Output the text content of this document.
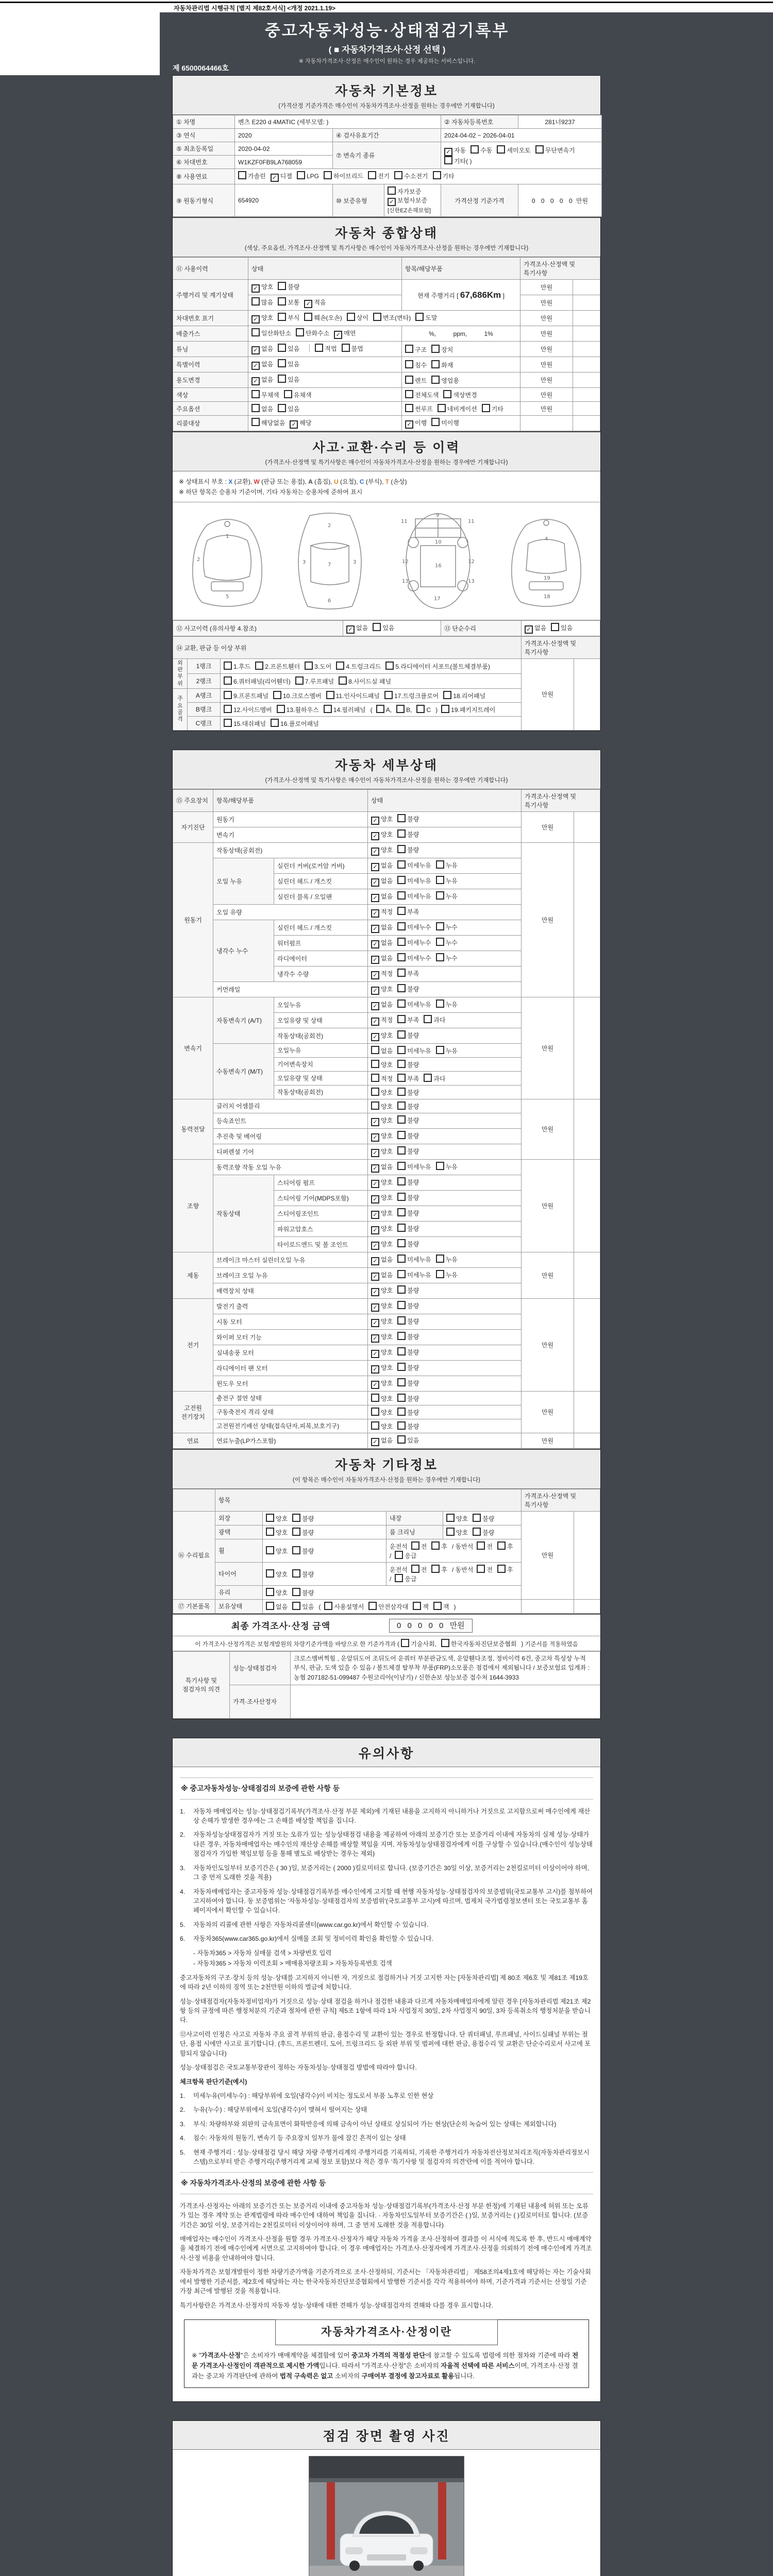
자동차관리법 시행규칙 [별지 제82호서식] <개정 2021.1.19>
중고자동차성능·상태점검기록부
( ■ 자동차가격조사·산정 선택 )
※ 자동차가격조사·산정은 매수인이 원하는 경우 제공하는 서비스입니다.
제 6500064466호
자동차 기본정보
(가격산정 기준가격은 매수인이 자동차가격조사·산정을 원하는 경우에만 기재합니다)
① 차명	벤츠 E220 d 4MATIC (세부모델: )			② 자동차등록번호	281너9237
③ 연식	2020	④ 검사유효기간		2024-04-02 ~ 2026-04-01	
⑤ 최초등록일	2020-04-02	⑦ 변속기 종류		✓ 자동 수동 세미오토 무단변속기기타( )	
⑥ 차대번호	W1KZF0FB9LA768059				
⑧ 사용연료	가솔린 ✓ 디젤 LPG 하이브리드 전기 수소전기 기타				
⑨ 원동기형식	654920	⑩ 보증유형	자가보증✓ 보험사보증[신한EZ손해보험]	가격산정 기준가격	0 0 0 0 0 만원
자동차 종합상태
(색상, 주요옵션, 가격조사·산정액 및 특기사항은 매수인이 자동차가격조사·산정을 원하는 경우에만 기재합니다)
⑪ 사용이력	상태	항목/해당부품	가격조사·산정액 및 특기사항	
주행거리 및 계기상태	✓ 양호 불량	현재 주행거리 [ 67,686Km ]	만원	
	많음 보통 ✓ 적음		만원	
차대번호 표기	✓ 양호 부식 훼손(오손) 상이 변조(변타) 도말		만원	
배출가스	일산화탄소 탄화수소 ✓ 매연	%,          ppm,          1%	만원	
튜닝	✓ 없음 있음 적법 불법	구조 장치	만원	
특별이력	✓ 없음 있음	침수 화재	만원	
용도변경	✓ 없음 있음	렌트 영업용	만원	
색상	무채색 유채색	전체도색 색상변경	만원	
주요옵션	없음 있음	썬루프 네비게이션 기타	만원	
리콜대상	해당없음 ✓ 해당	✓ 이행 미이행		
사고·교환·수리 등 이력
(가격조사·산정액 및 특기사항은 매수인이 자동차가격조사·산정을 원하는 경우에만 기재합니다)
※ 상태표시 부호 : X (교환), W (판금 또는 용접), A (흠집), U (요철), C (부식), T (손상)
※ 하단 항목은 승용차 기준이며, 기타 자동차는 승용차에 준하여 표시
1
5
2
7
3	3
2
6
11	11
9
10
12	12
13	13
16
17
4
18
19
⑫ 사고이력 (유의사항 4.참조)	✓ 없음 있음	⑬ 단순수리	✓ 없음 있음
⑭ 교환, 판금 등 이상 부위			가격조사·산정액 및 특기사항	
외
판
부
위	1랭크	1.후드 2.프론트휀더 3.도어 4.트렁크리드 5.라디에이터 서포트(볼트체결부품)	만원	
	2랭크	6.쿼터패널(리어휀더) 7.루프패널 8.사이드실 패널		
주
요
골
격	A랭크	9.프론트패널 10.크로스멤버 11.인사이드패널 17.트렁크플로어 18.리어패널		
	B랭크	12.사이드멤버 13.휠하우스 14.필러패널 ( A, B, C ) 19.패키지트레이		
	C랭크	15.대쉬패널 16.플로어패널		
자동차 세부상태
(가격조사·산정액 및 특기사항은 매수인이 자동차가격조사·산정을 원하는 경우에만 기재합니다)
⑮ 주요장치	항목/해당부품		상태	가격조사·산정액 및 특기사항	
자기진단	원동기		✓ 양호 불량	만원	
	변속기		✓ 양호 불량		
원동기	작동상태(공회전)		✓ 양호 불량	만원	
	오일 누유	실린더 커버(로커암 커버)	✓ 없음 미세누유 누유		
		실린더 헤드 / 개스킷	✓ 없음 미세누유 누유		
		실린더 블록 / 오일팬	✓ 없음 미세누유 누유		
	오일 유량		✓ 적정 부족		
	냉각수 누수	실린더 헤드 / 개스킷	✓ 없음 미세누수 누수		
		워터펌프	✓ 없음 미세누수 누수		
		라디에이터	✓ 없음 미세누수 누수		
		냉각수 수량	✓ 적정 부족		
	커먼레일		✓ 양호 불량		
변속기	자동변속기 (A/T)	오일누유	✓ 없음 미세누유 누유	만원	
		오일유량 및 상태	✓ 적정 부족 과다		
		작동상태(공회전)	✓ 양호 불량		
	수동변속기 (M/T)	오일누유	없음 미세누유 누유		
		기어변속장치	양호 불량		
		오일유량 및 상태	적정 부족 과다		
		작동상태(공회전)	양호 불량		
동력전달	클러치 어셈블리		양호 불량	만원	
	등속죠인트		✓ 양호 불량		
	추진축 및 베어링		✓ 양호 불량		
	디퍼렌셜 기어		✓ 양호 불량		
조향	동력조향 작동 오일 누유		✓ 없음 미세누유 누유	만원	
	작동상태	스티어링 펌프	✓ 양호 불량		
		스티어링 기어(MDPS포함)	✓ 양호 불량		
		스티어링조인트	✓ 양호 불량		
		파워고압호스	✓ 양호 불량		
		타이로드엔드 및 볼 조인트	✓ 양호 불량		
제동	브레이크 마스터 실린더오일 누유		✓ 없음 미세누유 누유	만원	
	브레이크 오일 누유		✓ 없음 미세누유 누유		
	배력장치 상태		✓ 양호 불량		
전기	발전기 출력		✓ 양호 불량	만원	
	시동 모터		✓ 양호 불량		
	와이퍼 모터 기능		✓ 양호 불량		
	실내송풍 모터		✓ 양호 불량		
	라디에이터 팬 모터		✓ 양호 불량		
	윈도우 모터		✓ 양호 불량		
고전원 전기장치	충전구 절연 상태		양호 불량	만원	
	구동축전지 격리 상태		양호 불량		
	고전원전기배선 상태(접속단자,피복,보호기구)		양호 불량		
연료	연료누출(LP가스포함)		✓ 없음 있음	만원	
자동차 기타정보
(이 항목은 매수인이 자동차가격조사·산정을 원하는 경우에만 기재합니다)
	항목				가격조사·산정액 및 특기사항	
⑯ 수리필요	외장	양호 불량	내장	양호 불량	만원	
	광택	양호 불량	룸 크리닝	양호 불량		
	휠	양호 불량	운전석 전 후 / 동반석 전 후/ 응급			
	타이어	양호 불량	운전석 전 후 / 동반석 전 후/ 응급			
	유리	양호 불량				
⑰ 기본품목	보유상태	없음 있음 ( 사용설명서 안전삼각대 잭 잭 )				
최종 가격조사·산정 금액	0 0 0 0 0 만원
이 가격조사·산정가격은 보험개발원의 차량기준가액을 바탕으로 한 기준가격과 ( 기술사회, 한국자동차진단보증협회 ) 기준서를 적용하였음
특기사항 및 점검자의 의견	성능·상태점검자	크로스멤버찍힘 , 운앞뒤도어 조뒤도어 운쿼터 부분판금도색, 운앞휀다조정, 정비이력 6건, 중고차 특성상 누적 부식, 판금, 도색 있을 수 있음 / 볼트체결 탈부착 부품(FRP)소모품은 점검에서 제외됩니다 / 보증보험료 입계좌 : 농협 207182-51-099487 수원코리아(이남기) / 신한손보 성능보증 접수처 1644-3933
	가격·조사산정자	
유의사항
※ 중고자동차성능·상태점검의 보증에 관한 사항 등
1.	자동차 매매업자는 성능·상태점검기록부(가격조사·산정 부분 제외)에 기재된 내용을 고지하지 아니하거나 거짓으로 고지함으로써 매수인에게 재산상 손해가 발생한 경우에는 그 손해를 배상할 책임을 집니다.
2.	자동차성능상태점검자가 거짓 또는 오류가 있는 성능상태점검 내용을 제공하여 아래의 보증기간 또는 보증거리 이내에 자동차의 실제 성능·상태가 다른 경우, 자동차매매업자는 매수인의 재산상 손해를 배상할 책임을 지며, 자동차성능상태점검자에게 이를 구상할 수 있습니다.(매수인이 성능상태점검자가 가입한 책임보험 등을 통해 별도로 배상받는 경우는 제외)
3.	자동차인도일부터 보증기간은 ( 30 )일, 보증거리는 ( 2000 )킬로미터로 합니다. (보증기간은 30일 이상, 보증거리는 2천킬로미터 이상이어야 하며, 그 중 먼저 도래한 것을 적용)
4.	자동차매매업자는 중고자동차 성능·상태점검기록부를 매수인에게 고지할 때 현행 자동차성능·상태점검자의 보증범위(국토교통부 고시)를 첨부하여 고지하여야 합니다. 동 보증범위는 '자동차성능·상태점검자의 보증범위'(국토교통부 고시)에 따르며, 법제처 국가법령정보센터 또는 국토교통부 홈페이지에서 확인할 수 있습니다.
5.	자동차의 리콜에 관한 사항은 자동차리콜센터(www.car.go.kr)에서 확인할 수 있습니다.
6.	자동차365(www.car365.go.kr)에서 실매물 조회 및 정비이력 확인을 확인할 수 있습니다.
- 자동차365 > 자동차 실매물 검색 > 차량번호 입력
- 자동차365 > 자동차 이력조회 > 매매용차량조회 > 자동차등록번호 검색
중고자동차의 구조·장치 등의 성능·상태를 고지하지 아니한 자, 거짓으로 점검하거나 거짓 고지한 자는 [자동차관리법] 제 80조 제6호 및 제81조 제19호에 따라 2년 이하의 징역 또는 2천만원 이하의 벌금에 처합니다.
성능·상태점검자(자동차정비업자)가 거짓으로 성능·상태 점검을 하거나 점검한 내용과 다르게 자동차매매업자에게 알린 경우 [자동차관리법 제21조 제2항 등의 규정에 따른 행정처분의 기준과 절차에 관한 규칙] 제5조 1항에 따라 1차 사업정지 30일, 2차 사업정지 90일, 3차 등록취소의 행정처분을 받습니다.
⑫사고이력 인정은 사고로 자동차 주요 골격 부위의 판금, 용접수리 및 교환이 있는 경우로 한정합니다. 단 쿼터패널, 루프패널, 사이드실패널 부위는 절단, 용접 시에만 사고로 표기합니다. (후드, 프론트펜더, 도어, 트렁크리드 등 외판 부위 및 범퍼에 대한 판금, 용접수리 및 교환은 단순수리로서 사고에 포함되지 않습니다)
성능·상태점검은 국토교통부장관이 정하는 자동차성능·상태점검 방법에 따라야 합니다.
체크항목 판단기준(예시)
1.	미세누유(미세누수) : 해당부위에 오일(냉각수)이 비치는 정도로서 부품 노후로 인한 현상
2.	누유(누수) : 해당부위에서 오일(냉각수)이 맺혀서 떨어지는 상태
3.	부식: 차량하부와 외판의 금속표면이 화학반응에 의해 금속이 아닌 상태로 상실되어 가는 현상(단순히 녹슬어 있는 상태는 제외합니다)
4.	침수: 자동차의 원동기, 변속기 등 주요장치 일부가 물에 잠긴 흔적이 있는 상태
5.	현재 주행거리 : 성능·상태점검 당시 해당 차량 주행거리계의 주행거리를 기록하되, 기록한 주행거리가 자동차전산정보처리조직(자동차관리정보시스템)으로부터 받은 주행거리(주행거리계 교체 정보 포함)보다 적은 경우 '특기사항 및 점검자의 의견'란에 이를 적어야 합니다.
※ 자동차가격조사·산정의 보증에 관한 사항 등
가격조사·산정자는 아래의 보증기간 또는 보증거리 이내에 중고자동차 성능·상태점검기록부(가격조사·산정 부분 한정)에 기재된 내용에 허위 또는 오류가 있는 경우 계약 또는 관계법령에 따라 매수인에 대하여 책임을 집니다. · 자동차인도일부터 보증기간은 ( )일, 보증거리는 ( )킬로미터로 합니다. (보증기간은 30일 이상, 보증거리는 2천킬로미터 이상이어야 하며, 그 중 먼저 도래한 것을 적용합니다)
매매업자는 매수인이 가격조사·산정을 원할 경우 가격조사·산정자가 해당 자동차 가격을 조사·산정하여 결과를 이 서식에 적도록 한 후, 반드시 매매계약을 체결하기 전에 매수인에게 서면으로 고지하여야 합니다. 이 경우 매매업자는 가격조사·산정자에게 가격조사·산정을 의뢰하기 전에 매수인에게 가격조사·산정 비용을 안내하여야 합니다.
자동차가격은 보험개발원이 정한 차량기준가액을 기준가격으로 조사·산정하되, 기준서는 「자동차관리법」 제58조의4제1호에 해당하는 자는 기술사회에서 발행한 기준서를, 제2호에 해당하는 자는 한국자동차진단보증협회에서 발행한 기준서를 각각 적용하여야 하며, 기준가격과 기준서는 산정일 기준 가장 최근에 발행된 것을 적용합니다.
특기사항란은 가격조사·산정자의 자동차 성능·상태에 대한 견해가 성능·상태점검자의 견해와 다를 경우 표시합니다.
자동차가격조사·산정이란
※ "가격조사·산정"은 소비자가 매매계약을 체결함에 있어 중고차 가격의 적절성 판단에 참고할 수 있도록 법령에 의한 절차와 기준에 따라 전문 가격조사·산정인이 객관적으로 제시한 가액입니다. 따라서 "가격조사·산정"은 소비자의 자율적 선택에 따른 서비스이며, 가격조사·산정 결과는 중고차 가격판단에 관하여 법적 구속력은 없고 소비자의 구매여부 결정에 참고자료로 활용됩니다.
점검 장면 촬영 사진
